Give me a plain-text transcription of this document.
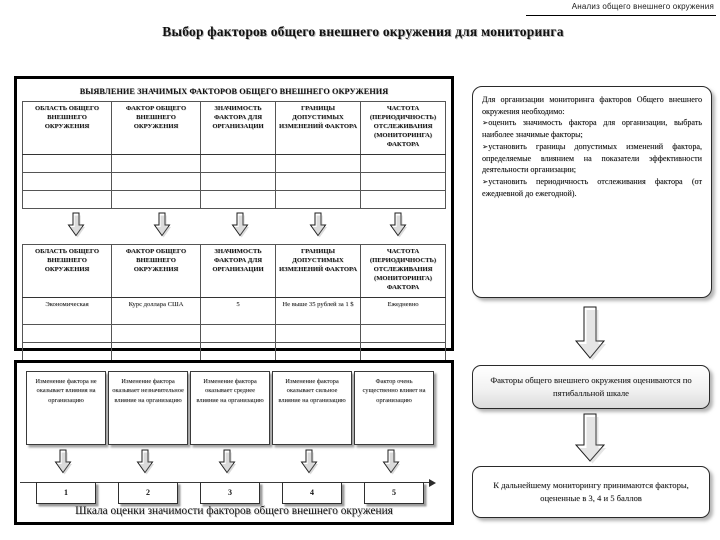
Анализ общего внешнего окружения
Выбор факторов общего внешнего окружения для мониторинга
ВЫЯВЛЕНИЕ ЗНАЧИМЫХ ФАКТОРОВ ОБЩЕГО ВНЕШНЕГО ОКРУЖЕНИЯ
ОБЛАСТЬ ОБЩЕГО ВНЕШНЕГО ОКРУЖЕНИЯ	ФАКТОР ОБЩЕГО ВНЕШНЕГО ОКРУЖЕНИЯ	ЗНАЧИМОСТЬ ФАКТОРА ДЛЯ ОРГАНИЗАЦИИ	ГРАНИЦЫ ДОПУСТИМЫХ ИЗМЕНЕНИЙ ФАКТОРА	ЧАСТОТА (ПЕРИОДИЧНОСТЬ) ОТСЛЕЖИВАНИЯ (МОНИТОРИНГА) ФАКТОРА

ОБЛАСТЬ ОБЩЕГО ВНЕШНЕГО ОКРУЖЕНИЯ	ФАКТОР ОБЩЕГО ВНЕШНЕГО ОКРУЖЕНИЯ	ЗНАЧИМОСТЬ ФАКТОРА ДЛЯ ОРГАНИЗАЦИИ	ГРАНИЦЫ ДОПУСТИМЫХ ИЗМЕНЕНИЙ ФАКТОРА	ЧАСТОТА (ПЕРИОДИЧНОСТЬ) ОТСЛЕЖИВАНИЯ (МОНИТОРИНГА) ФАКТОРА
Экономическая	Курс доллара США	5	Не выше 35 рублей за 1 $	Ежедневно

Изменение фактора не оказывает влияния на организацию
Изменение фактора оказывает незначительное влияние на организацию
Изменение фактора оказывает среднее влияние на организацию
Изменение фактора оказывает сильное влияние на организацию
Фактор очень существенно влияет на организацию
1	2	3	4	5
Шкала оценки значимости факторов общего внешнего окружения
Для организации мониторинга факторов Общего внешнего окружения необходимо:
➢оценить значимость фактора для организации, выбрать наиболее значимые факторы;
➢установить границы допустимых изменений фактора, определяемые влиянием на показатели эффективности деятельности организации;
➢установить периодичность отслеживания фактора (от ежедневной до ежегодной).
Факторы общего внешнего окружения оцениваются по пятибалльной шкале
К дальнейшему мониторингу принимаются факторы, оцененные в 3, 4 и 5 баллов
